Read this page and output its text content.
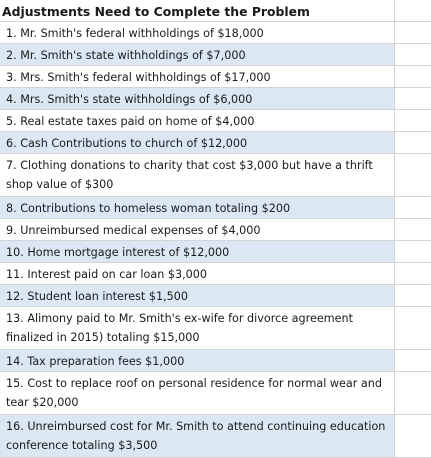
Adjustments Need to Complete the Problem
1. Mr. Smith's federal withholdings of $18,000
2. Mr. Smith's state withholdings of $7,000
3. Mrs. Smith's federal withholdings of $17,000
4. Mrs. Smith's state withholdings of $6,000
5. Real estate taxes paid on home of $4,000
6. Cash Contributions to church of $12,000
7. Clothing donations to charity that cost $3,000 but have a thrift shop value of $300
8. Contributions to homeless woman totaling $200
9. Unreimbursed medical expenses of $4,000
10. Home mortgage interest of $12,000
11. Interest paid on car loan $3,000
12. Student loan interest $1,500
13. Alimony paid to Mr. Smith's ex-wife for divorce agreement finalized in 2015) totaling $15,000
14. Tax preparation fees $1,000
15. Cost to replace roof on personal residence for normal wear and tear $20,000
16. Unreimbursed cost for Mr. Smith to attend continuing education conference totaling $3,500
